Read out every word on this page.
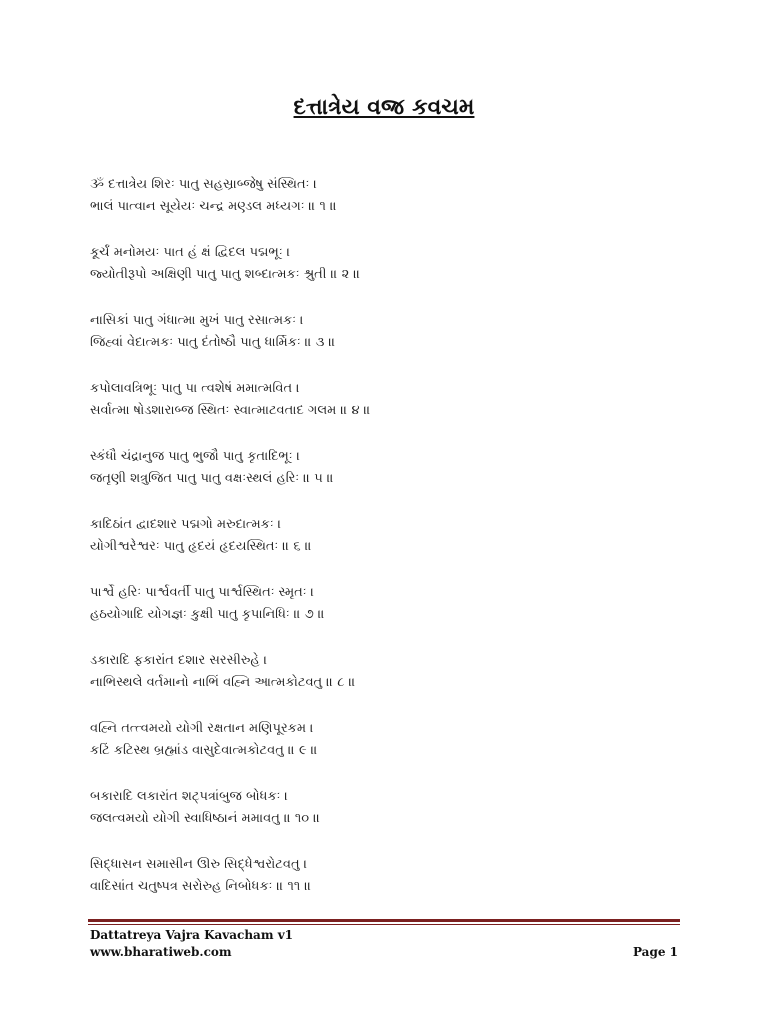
દત્તાત્રેય વજ્ર કવચમ
ૐ દત્તાત્રેય શિરઃ પાતુ સહસ્રાબ્જેષુ સંસ્થિતઃ ।
ભાલં પાત્વાન સૂયેયઃ ચન્દ્ર મણ્ડલ મધ્યગઃ ॥ ૧ ॥
કૂર્ચં મનોમયઃ પાત હં ક્ષં દ્વિદલ પદ્મભૂઃ ।
જ્યોતીરૂપો અક્ષિણી પાતુ પાતુ શબ્દાત્મકઃ શ્રુતી ॥ ૨ ॥
નાસિકાં પાતુ ગંધાત્મા મુખં પાતુ રસાત્મકઃ ।
જિહ્વાં વેદાત્મકઃ પાતુ દંતોષ્ઠૌ પાતુ ધાર્મિકઃ ॥ ૩ ॥
કપોલાવત્રિભૂઃ પાતુ પા ત્વશેષં મમાત્મવિત ।
સર્વાત્મા ષોડશારાબ્જ સ્થિતઃ સ્વાત્માટવતાદ ગલમ ॥ ૪ ॥
સ્કંધૌ ચંદ્રાનુજ પાતુ ભુજૌ પાતુ કૃતાદિભૂઃ ।
જતૃણી શત્રુજિત પાતુ પાતુ વક્ષઃસ્થલં હરિઃ ॥ ૫ ॥
કાદિઠાંત દ્વાદશાર પદ્મગો મરુદાત્મકઃ ।
યોગીશ્વરેશ્વરઃ પાતુ હૃદયં હૃદયસ્થિતઃ ॥ ૬ ॥
પાર્શ્વે હરિઃ પાર્શ્વવર્તી પાતુ પાર્શ્વસ્થિતઃ સ્મૃતઃ ।
હઠયોગાદિ યોગજ્ઞઃ કુક્ષી પાતુ કૃપાનિધિઃ ॥ ૭ ॥
ડકારાદિ ફકારાંત દશાર સરસીરુહે ।
નાભિસ્થલે વર્તમાનો નાભિં વહ્નિ આત્મકોટવતુ ॥ ૮ ॥
વહ્નિ તત્ત્વમયો યોગી રક્ષતાન મણિપૂરકમ ।
કટિં કટિસ્થ બ્રહ્માંડ વાસુદેવાત્મકોટવતુ ॥ ૯ ॥
બકારાદિ લકારાંત શટ્પત્રાંબુજ બોધકઃ ।
જલત્વમયો યોગી સ્વાધિષ્ઠાનં મમાવતુ ॥ ૧૦ ॥
સિદ્ધાસન સમાસીન ઊરુ સિદ્ધેશ્વરોટવતુ ।
વાદિસાંત ચતુષ્પત્ર સરોરુહ નિબોધકઃ ॥ ૧૧ ॥
Dattatreya Vajra Kavacham v1
www.bharatiweb.com	Page 1
